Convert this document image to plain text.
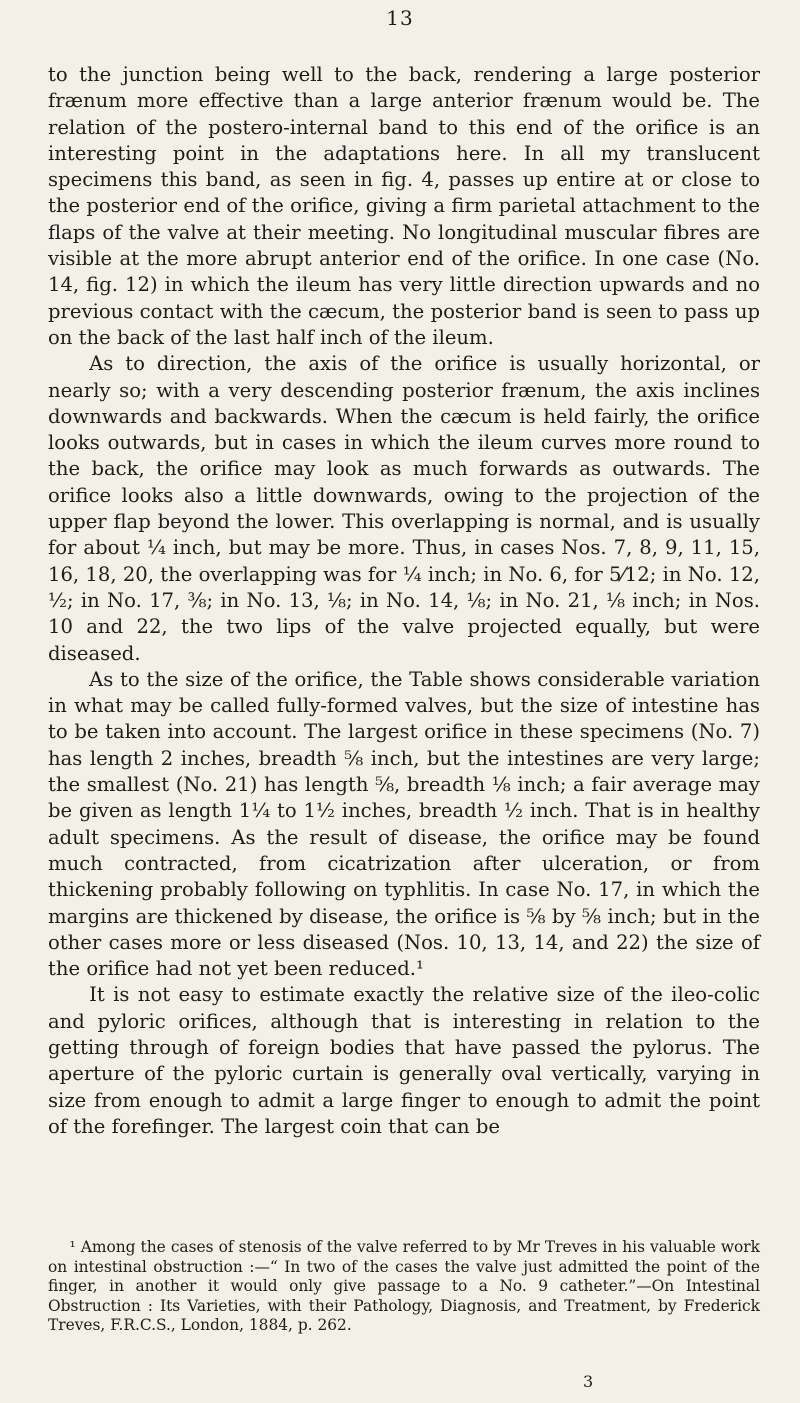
13

to the junction being well to the back, rendering a large posterior frænum more effective than a large anterior frænum would be. The relation of the postero-internal band to this end of the orifice is an interesting point in the adaptations here. In all my translucent specimens this band, as seen in fig. 4, passes up entire at or close to the posterior end of the orifice, giving a firm parietal attachment to the flaps of the valve at their meeting. No longitudinal muscular fibres are visible at the more abrupt anterior end of the orifice. In one case (No. 14, fig. 12) in which the ileum has very little direction upwards and no previous contact with the cæcum, the posterior band is seen to pass up on the back of the last half inch of the ileum.

As to direction, the axis of the orifice is usually horizontal, or nearly so; with a very descending posterior frænum, the axis inclines downwards and backwards. When the cæcum is held fairly, the orifice looks outwards, but in cases in which the ileum curves more round to the back, the orifice may look as much forwards as outwards. The orifice looks also a little downwards, owing to the projection of the upper flap beyond the lower. This overlapping is normal, and is usually for about ¼ inch, but may be more. Thus, in cases Nos. 7, 8, 9, 11, 15, 16, 18, 20, the overlapping was for ¼ inch; in No. 6, for 5⁄12; in No. 12, ½; in No. 17, ⅜; in No. 13, ⅛; in No. 14, ⅛; in No. 21, ⅛ inch; in Nos. 10 and 22, the two lips of the valve projected equally, but were diseased.

As to the size of the orifice, the Table shows considerable variation in what may be called fully-formed valves, but the size of intestine has to be taken into account. The largest orifice in these specimens (No. 7) has length 2 inches, breadth ⅝ inch, but the intestines are very large; the smallest (No. 21) has length ⅝, breadth ⅛ inch; a fair average may be given as length 1¼ to 1½ inches, breadth ½ inch. That is in healthy adult specimens. As the result of disease, the orifice may be found much contracted, from cicatrization after ulceration, or from thickening probably following on typhlitis. In case No. 17, in which the margins are thickened by disease, the orifice is ⅝ by ⅝ inch; but in the other cases more or less diseased (Nos. 10, 13, 14, and 22) the size of the orifice had not yet been reduced.¹

It is not easy to estimate exactly the relative size of the ileo-colic and pyloric orifices, although that is interesting in relation to the getting through of foreign bodies that have passed the pylorus. The aperture of the pyloric curtain is generally oval vertically, varying in size from enough to admit a large finger to enough to admit the point of the forefinger. The largest coin that can be

¹ Among the cases of stenosis of the valve referred to by Mr Treves in his valuable work on intestinal obstruction :—“ In two of the cases the valve just admitted the point of the finger, in another it would only give passage to a No. 9 catheter.”—On Intestinal Obstruction : Its Varieties, with their Pathology, Diagnosis, and Treatment, by Frederick Treves, F.R.C.S., London, 1884, p. 262.

3
